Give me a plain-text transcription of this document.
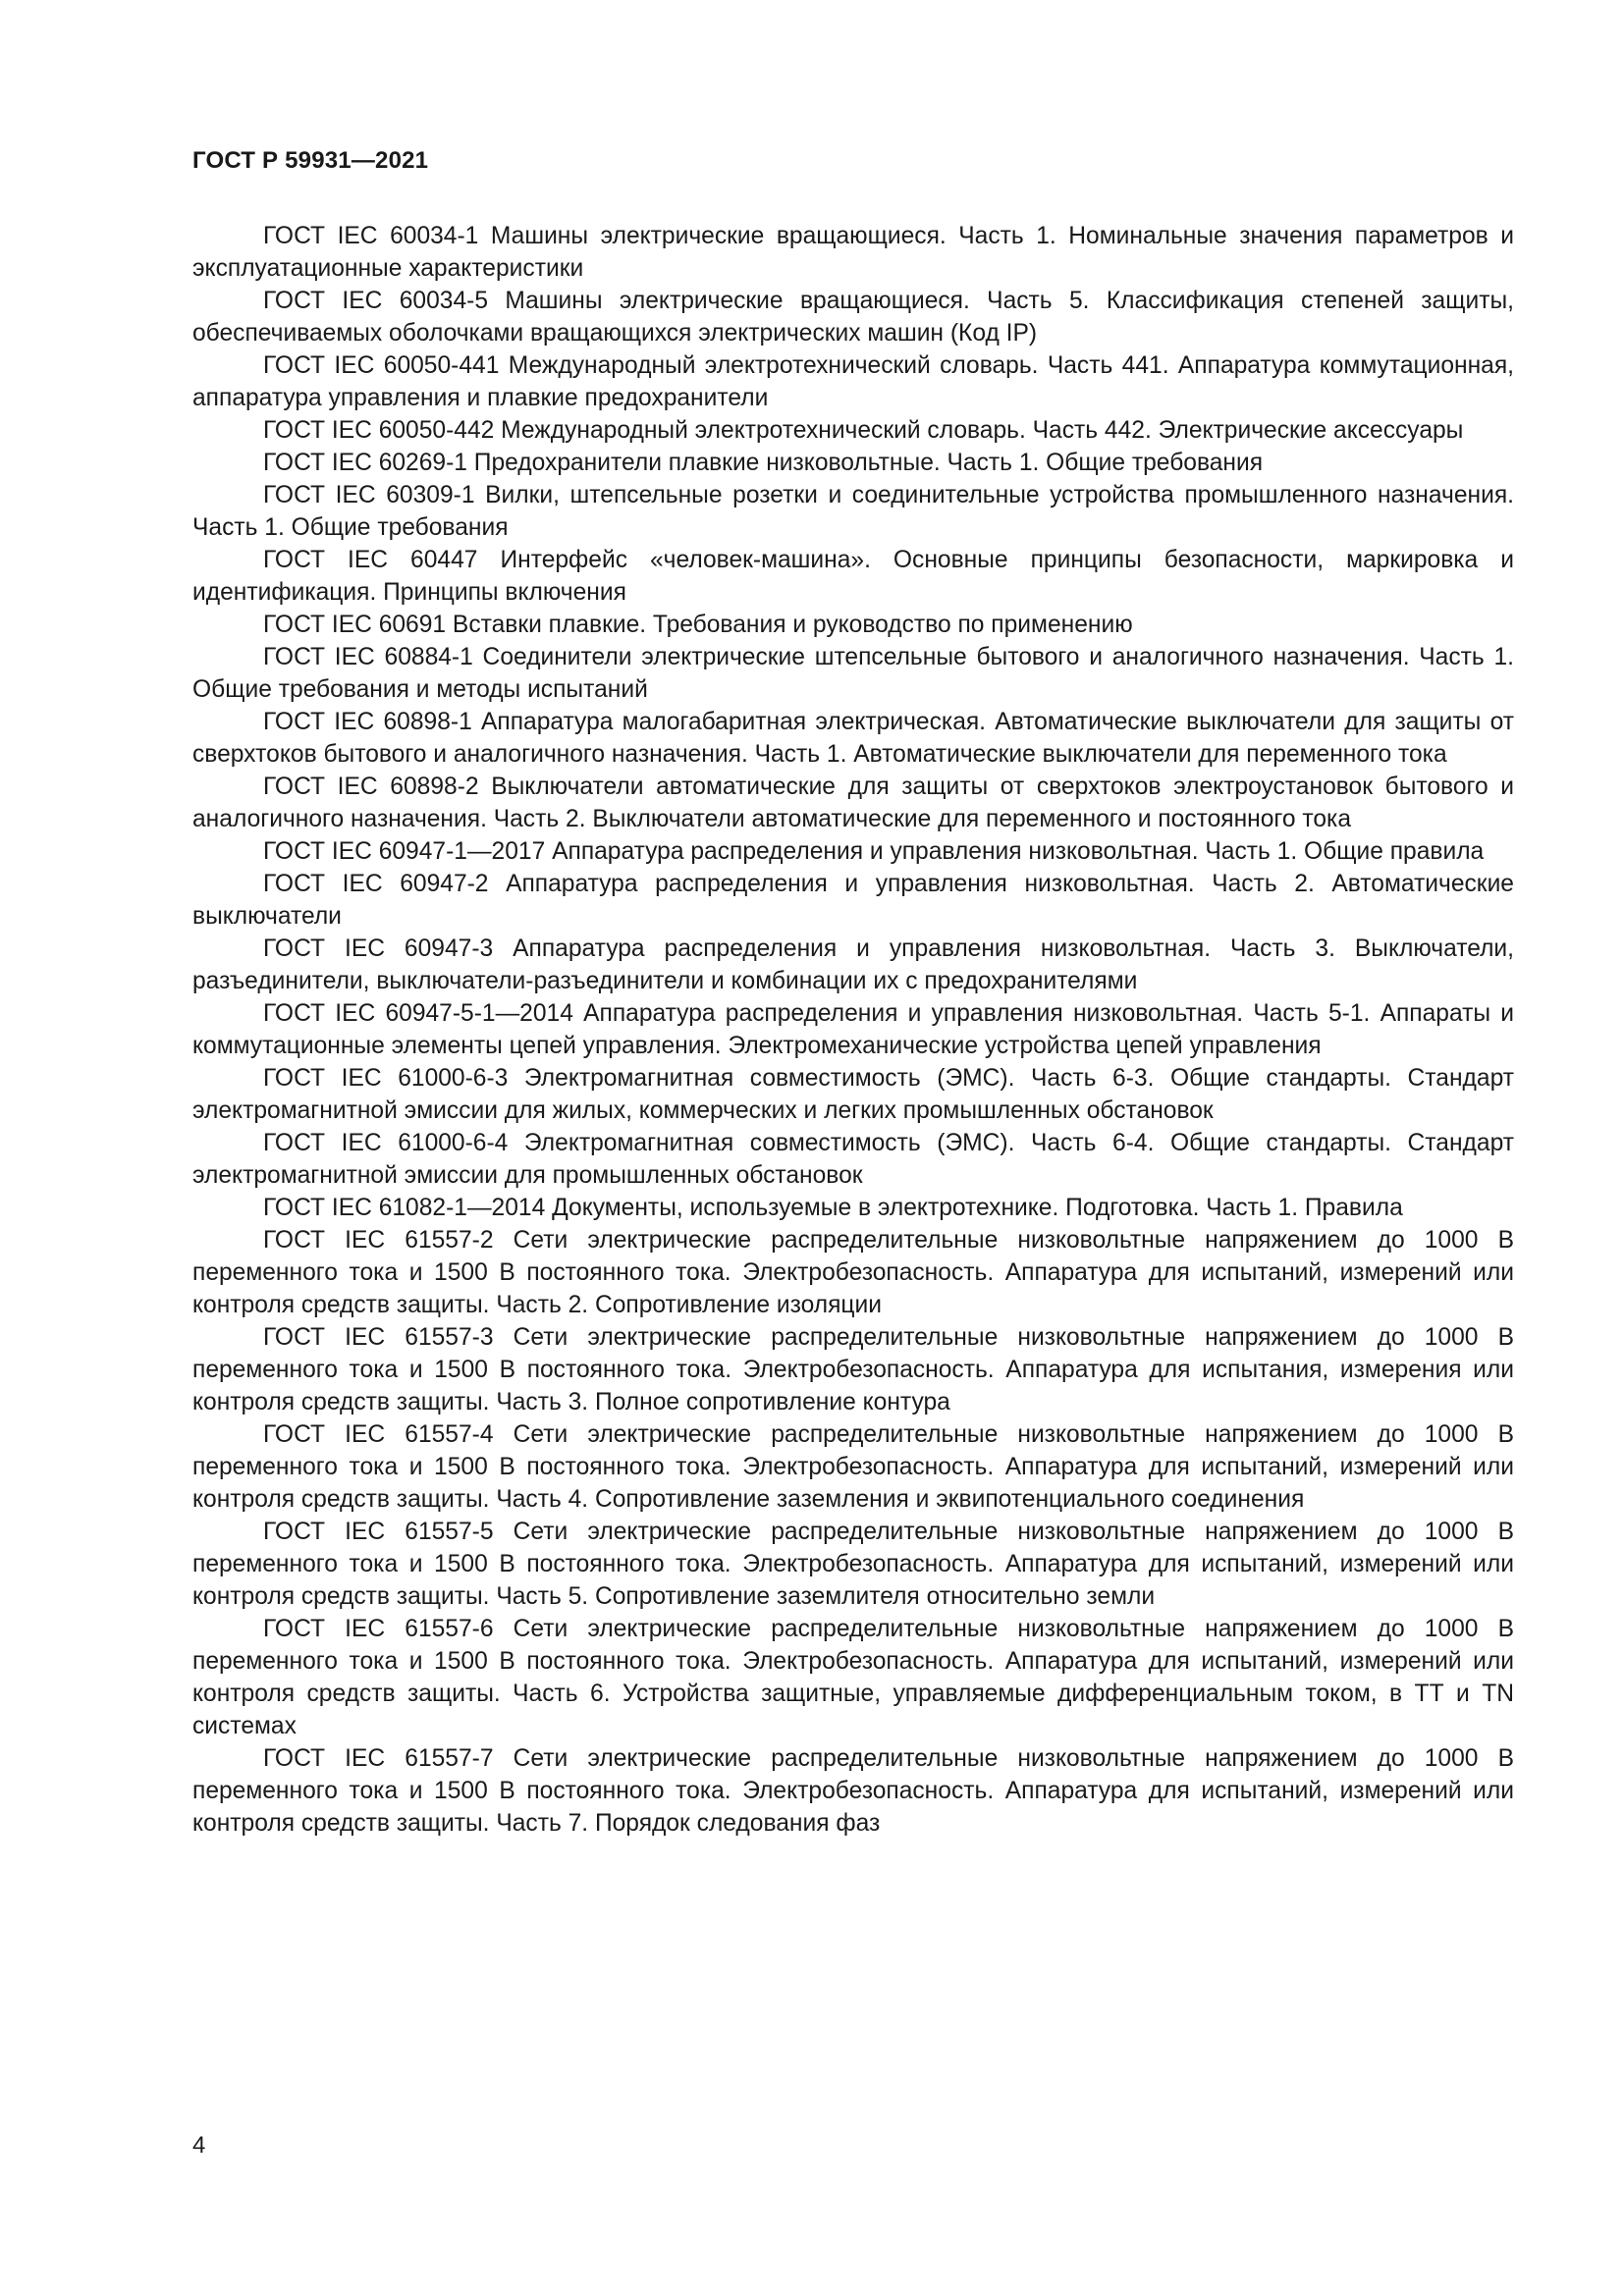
ГОСТ Р 59931—2021

ГОСТ IEC 60034-1 Машины электрические вращающиеся. Часть 1. Номинальные значения параметров и эксплуатационные характеристики

ГОСТ IEC 60034-5 Машины электрические вращающиеся. Часть 5. Классификация степеней защиты, обеспечиваемых оболочками вращающихся электрических машин (Код IP)

ГОСТ IEC 60050-441 Международный электротехнический словарь. Часть 441. Аппаратура коммутационная, аппаратура управления и плавкие предохранители

ГОСТ IEC 60050-442 Международный электротехнический словарь. Часть 442. Электрические аксессуары

ГОСТ IEC 60269-1 Предохранители плавкие низковольтные. Часть 1. Общие требования

ГОСТ IEC 60309-1 Вилки, штепсельные розетки и соединительные устройства промышленного назначения. Часть 1. Общие требования

ГОСТ IEC 60447 Интерфейс «человек-машина». Основные принципы безопасности, маркировка и идентификация. Принципы включения

ГОСТ IEC 60691 Вставки плавкие. Требования и руководство по применению

ГОСТ IEC 60884-1 Соединители электрические штепсельные бытового и аналогичного назначения. Часть 1. Общие требования и методы испытаний

ГОСТ IEC 60898-1 Аппаратура малогабаритная электрическая. Автоматические выключатели для защиты от сверхтоков бытового и аналогичного назначения. Часть 1. Автоматические выключатели для переменного тока

ГОСТ IEC 60898-2 Выключатели автоматические для защиты от сверхтоков электроустановок бытового и аналогичного назначения. Часть 2. Выключатели автоматические для переменного и постоянного тока

ГОСТ IEC 60947-1—2017 Аппаратура распределения и управления низковольтная. Часть 1. Общие правила

ГОСТ IEC 60947-2 Аппаратура распределения и управления низковольтная. Часть 2. Автоматические выключатели

ГОСТ IEC 60947-3 Аппаратура распределения и управления низковольтная. Часть 3. Выключатели, разъединители, выключатели-разъединители и комбинации их с предохранителями

ГОСТ IEC 60947-5-1—2014 Аппаратура распределения и управления низковольтная. Часть 5-1. Аппараты и коммутационные элементы цепей управления. Электромеханические устройства цепей управления

ГОСТ IEC 61000-6-3 Электромагнитная совместимость (ЭМС). Часть 6-3. Общие стандарты. Стандарт электромагнитной эмиссии для жилых, коммерческих и легких промышленных обстановок

ГОСТ IEC 61000-6-4 Электромагнитная совместимость (ЭМС). Часть 6-4. Общие стандарты. Стандарт электромагнитной эмиссии для промышленных обстановок

ГОСТ IEC 61082-1—2014 Документы, используемые в электротехнике. Подготовка. Часть 1. Правила

ГОСТ IEC 61557-2 Сети электрические распределительные низковольтные напряжением до 1000 В переменного тока и 1500 В постоянного тока. Электробезопасность. Аппаратура для испытаний, измерений или контроля средств защиты. Часть 2. Сопротивление изоляции

ГОСТ IEC 61557-3 Сети электрические распределительные низковольтные напряжением до 1000 В переменного тока и 1500 В постоянного тока. Электробезопасность. Аппаратура для испытания, измерения или контроля средств защиты. Часть 3. Полное сопротивление контура

ГОСТ IEC 61557-4 Сети электрические распределительные низковольтные напряжением до 1000 В переменного тока и 1500 В постоянного тока. Электробезопасность. Аппаратура для испытаний, измерений или контроля средств защиты. Часть 4. Сопротивление заземления и эквипотенциального соединения

ГОСТ IEC 61557-5 Сети электрические распределительные низковольтные напряжением до 1000 В переменного тока и 1500 В постоянного тока. Электробезопасность. Аппаратура для испытаний, измерений или контроля средств защиты. Часть 5. Сопротивление заземлителя относительно земли

ГОСТ IEC 61557-6 Сети электрические распределительные низковольтные напряжением до 1000 В переменного тока и 1500 В постоянного тока. Электробезопасность. Аппаратура для испытаний, измерений или контроля средств защиты. Часть 6. Устройства защитные, управляемые дифференциальным током, в ТТ и TN системах

ГОСТ IEC 61557-7 Сети электрические распределительные низковольтные напряжением до 1000 В переменного тока и 1500 В постоянного тока. Электробезопасность. Аппаратура для испытаний, измерений или контроля средств защиты. Часть 7. Порядок следования фаз

4
